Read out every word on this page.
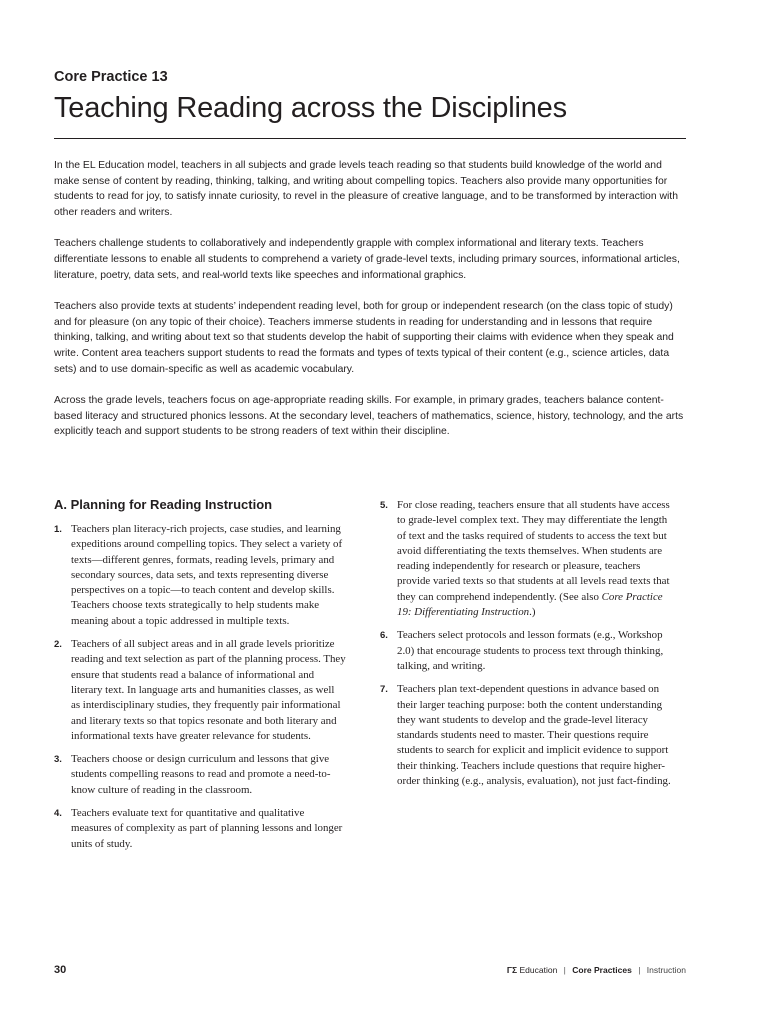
Core Practice 13

Teaching Reading across the Disciplines

In the EL Education model, teachers in all subjects and grade levels teach reading so that students build knowledge of the world and make sense of content by reading, thinking, talking, and writing about compelling topics. Teachers also provide many opportunities for students to read for joy, to satisfy innate curiosity, to revel in the pleasure of creative language, and to be transformed by interaction with other readers and writers.

Teachers challenge students to collaboratively and independently grapple with complex informational and literary texts. Teachers differentiate lessons to enable all students to comprehend a variety of grade-level texts, including primary sources, informational articles, literature, poetry, data sets, and real-world texts like speeches and informational graphics.

Teachers also provide texts at students’ independent reading level, both for group or independent research (on the class topic of study) and for pleasure (on any topic of their choice). Teachers immerse students in reading for understanding and in lessons that require thinking, talking, and writing about text so that students develop the habit of supporting their claims with evidence when they speak and write. Content area teachers support students to read the formats and types of texts typical of their content (e.g., science articles, data sets) and to use domain-specific as well as academic vocabulary.

Across the grade levels, teachers focus on age-appropriate reading skills. For example, in primary grades, teachers balance content-based literacy and structured phonics lessons. At the secondary level, teachers of mathematics, science, history, technology, and the arts explicitly teach and support students to be strong readers of text within their discipline.

A. Planning for Reading Instruction
1. Teachers plan literacy-rich projects, case studies, and learning expeditions around compelling topics. They select a variety of texts—different genres, formats, reading levels, primary and secondary sources, data sets, and texts representing diverse perspectives on a topic—to teach content and develop skills. Teachers choose texts strategically to help students make meaning about a topic addressed in multiple texts.
2. Teachers of all subject areas and in all grade levels prioritize reading and text selection as part of the planning process. They ensure that students read a balance of informational and literary text. In language arts and humanities classes, as well as interdisciplinary studies, they frequently pair informational and literary texts so that topics resonate and both literary and informational texts have greater relevance for students.
3. Teachers choose or design curriculum and lessons that give students compelling reasons to read and promote a need-to-know culture of reading in the classroom.
4. Teachers evaluate text for quantitative and qualitative measures of complexity as part of planning lessons and longer units of study.
5. For close reading, teachers ensure that all students have access to grade-level complex text. They may differentiate the length of text and the tasks required of students to access the text but avoid differentiating the texts themselves. When students are reading independently for research or pleasure, teachers provide varied texts so that students at all levels read texts that they can comprehend independently. (See also Core Practice 19: Differentiating Instruction.)
6. Teachers select protocols and lesson formats (e.g., Workshop 2.0) that encourage students to process text through thinking, talking, and writing.
7. Teachers plan text-dependent questions in advance based on their larger teaching purpose: both the content understanding they want students to develop and the grade-level literacy standards students need to master. Their questions require students to search for explicit and implicit evidence to support their thinking. Teachers include questions that require higher-order thinking (e.g., analysis, evaluation), not just fact-finding.
30	ΓΣ Education | Core Practices | Instruction
